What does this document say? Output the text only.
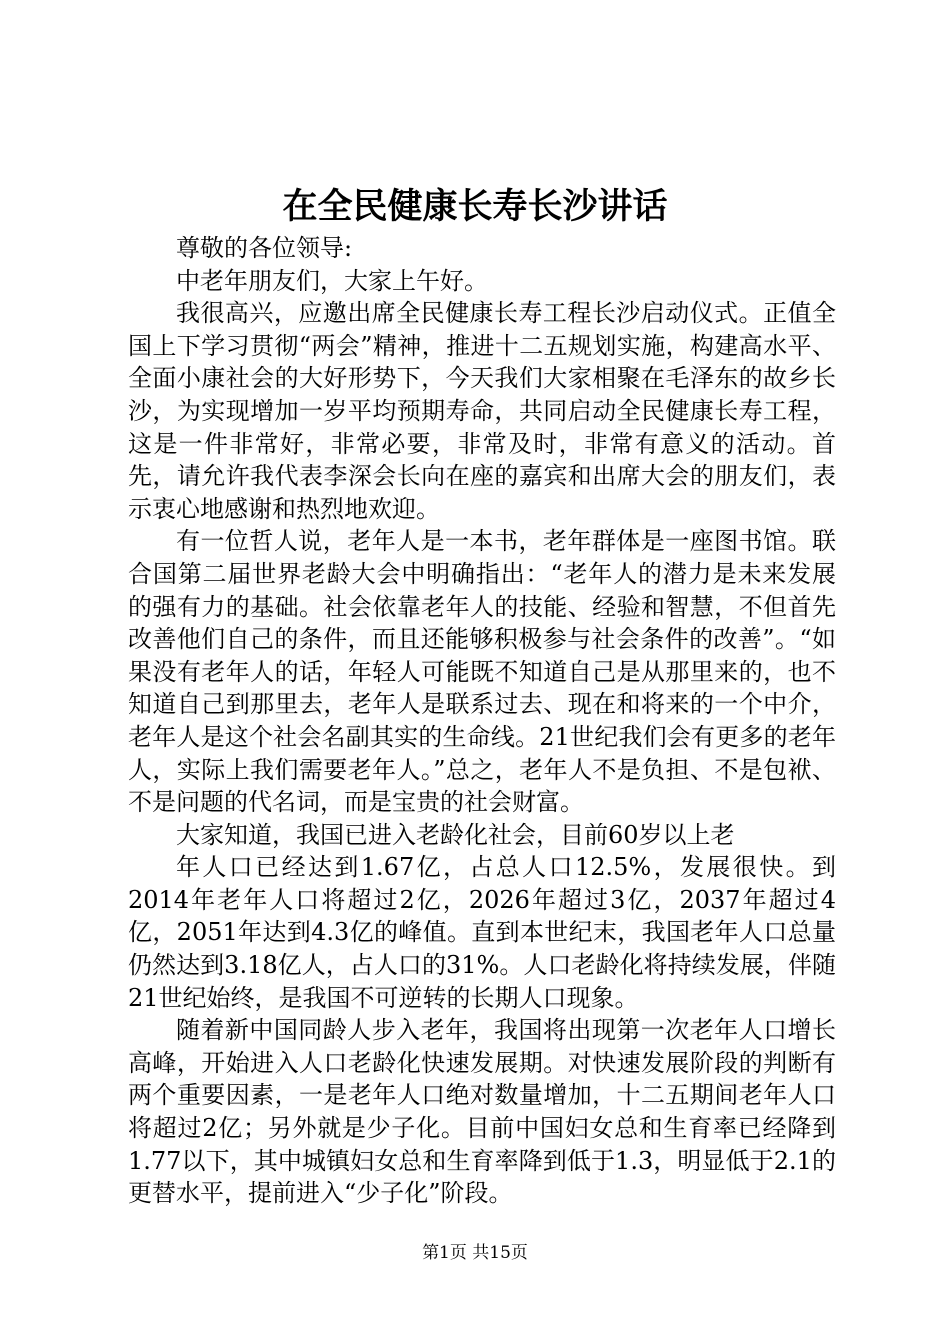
在全民健康长寿长沙讲话

尊敬的各位领导:

中老年朋友们，大家上午好。

我很高兴，应邀出席全民健康长寿工程长沙启动仪式。正值全国上下学习贯彻“两会”精神，推进十二五规划实施，构建高水平、全面小康社会的大好形势下，今天我们大家相聚在毛泽东的故乡长沙，为实现增加一岁平均预期寿命，共同启动全民健康长寿工程，这是一件非常好，非常必要，非常及时，非常有意义的活动。首先，请允许我代表李深会长向在座的嘉宾和出席大会的朋友们，表示衷心地感谢和热烈地欢迎。

有一位哲人说，老年人是一本书，老年群体是一座图书馆。联合国第二届世界老龄大会中明确指出：“老年人的潜力是未来发展的强有力的基础。社会依靠老年人的技能、经验和智慧，不但首先改善他们自己的条件，而且还能够积极参与社会条件的改善”。“如果没有老年人的话，年轻人可能既不知道自己是从那里来的，也不知道自己到那里去，老年人是联系过去、现在和将来的一个中介，老年人是这个社会名副其实的生命线。21世纪我们会有更多的老年人，实际上我们需要老年人。”总之，老年人不是负担、不是包袱、不是问题的代名词，而是宝贵的社会财富。

大家知道，我国已进入老龄化社会，目前60岁以上老

年人口已经达到1.67亿，占总人口12.5%，发展很快。到2014年老年人口将超过2亿，2026年超过3亿，2037年超过4亿，2051年达到4.3亿的峰值。直到本世纪末，我国老年人口总量仍然达到3.18亿人，占人口的31%。人口老龄化将持续发展，伴随21世纪始终，是我国不可逆转的长期人口现象。

随着新中国同龄人步入老年，我国将出现第一次老年人口增长高峰，开始进入人口老龄化快速发展期。对快速发展阶段的判断有两个重要因素，一是老年人口绝对数量增加，十二五期间老年人口将超过2亿；另外就是少子化。目前中国妇女总和生育率已经降到1.77以下，其中城镇妇女总和生育率降到低于1.3，明显低于2.1的更替水平，提前进入“少子化”阶段。

第1页 共15页
